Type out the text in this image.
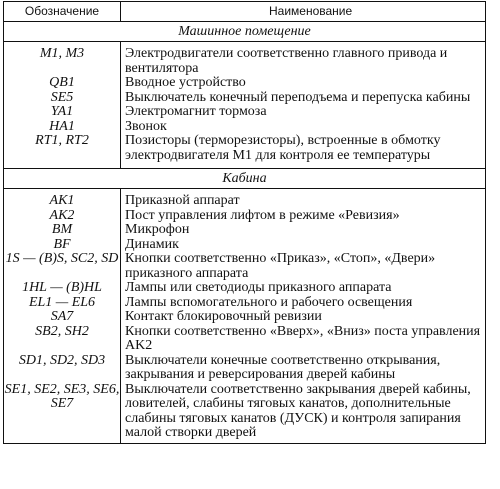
Обозначение	Наименование
Машинное помещение	

M1, M3	Электродвигатели соответственно главного привода и вентилятора
QB1	Вводное устройство
SE5	Выключатель конечный переподъема и перепуска кабины
YA1	Электромагнит тормоза
HA1	Звонок
RT1, RT2	Позисторы (терморезисторы), встроенные в обмотку электродвигателя M1 для контроля ее температуры

Кабина	

AK1	Приказной аппарат
AK2	Пост управления лифтом в режиме «Ревизия»
BM	Микрофон
BF	Динамик
1S — (B)S, SC2, SD	Кнопки соответственно «Приказ», «Стоп», «Двери» приказного аппарата
1HL — (B)HL	Лампы или светодиоды приказного аппарата
EL1 — EL6	Лампы вспомогательного и рабочего освещения
SA7	Контакт блокировочный ревизии
SB2, SH2	Кнопки соответственно «Вверх», «Вниз» поста управления AK2
SD1, SD2, SD3	Выключатели конечные соответственно открывания, закрывания и реверсирования дверей кабины
SE1, SE2, SE3, SE6, SE7	Выключатели соответственно закрывания дверей кабины, ловителей, слабины тяговых канатов, дополнительные слабины тяговых канатов (ДУСК) и контроля запирания малой створки дверей
